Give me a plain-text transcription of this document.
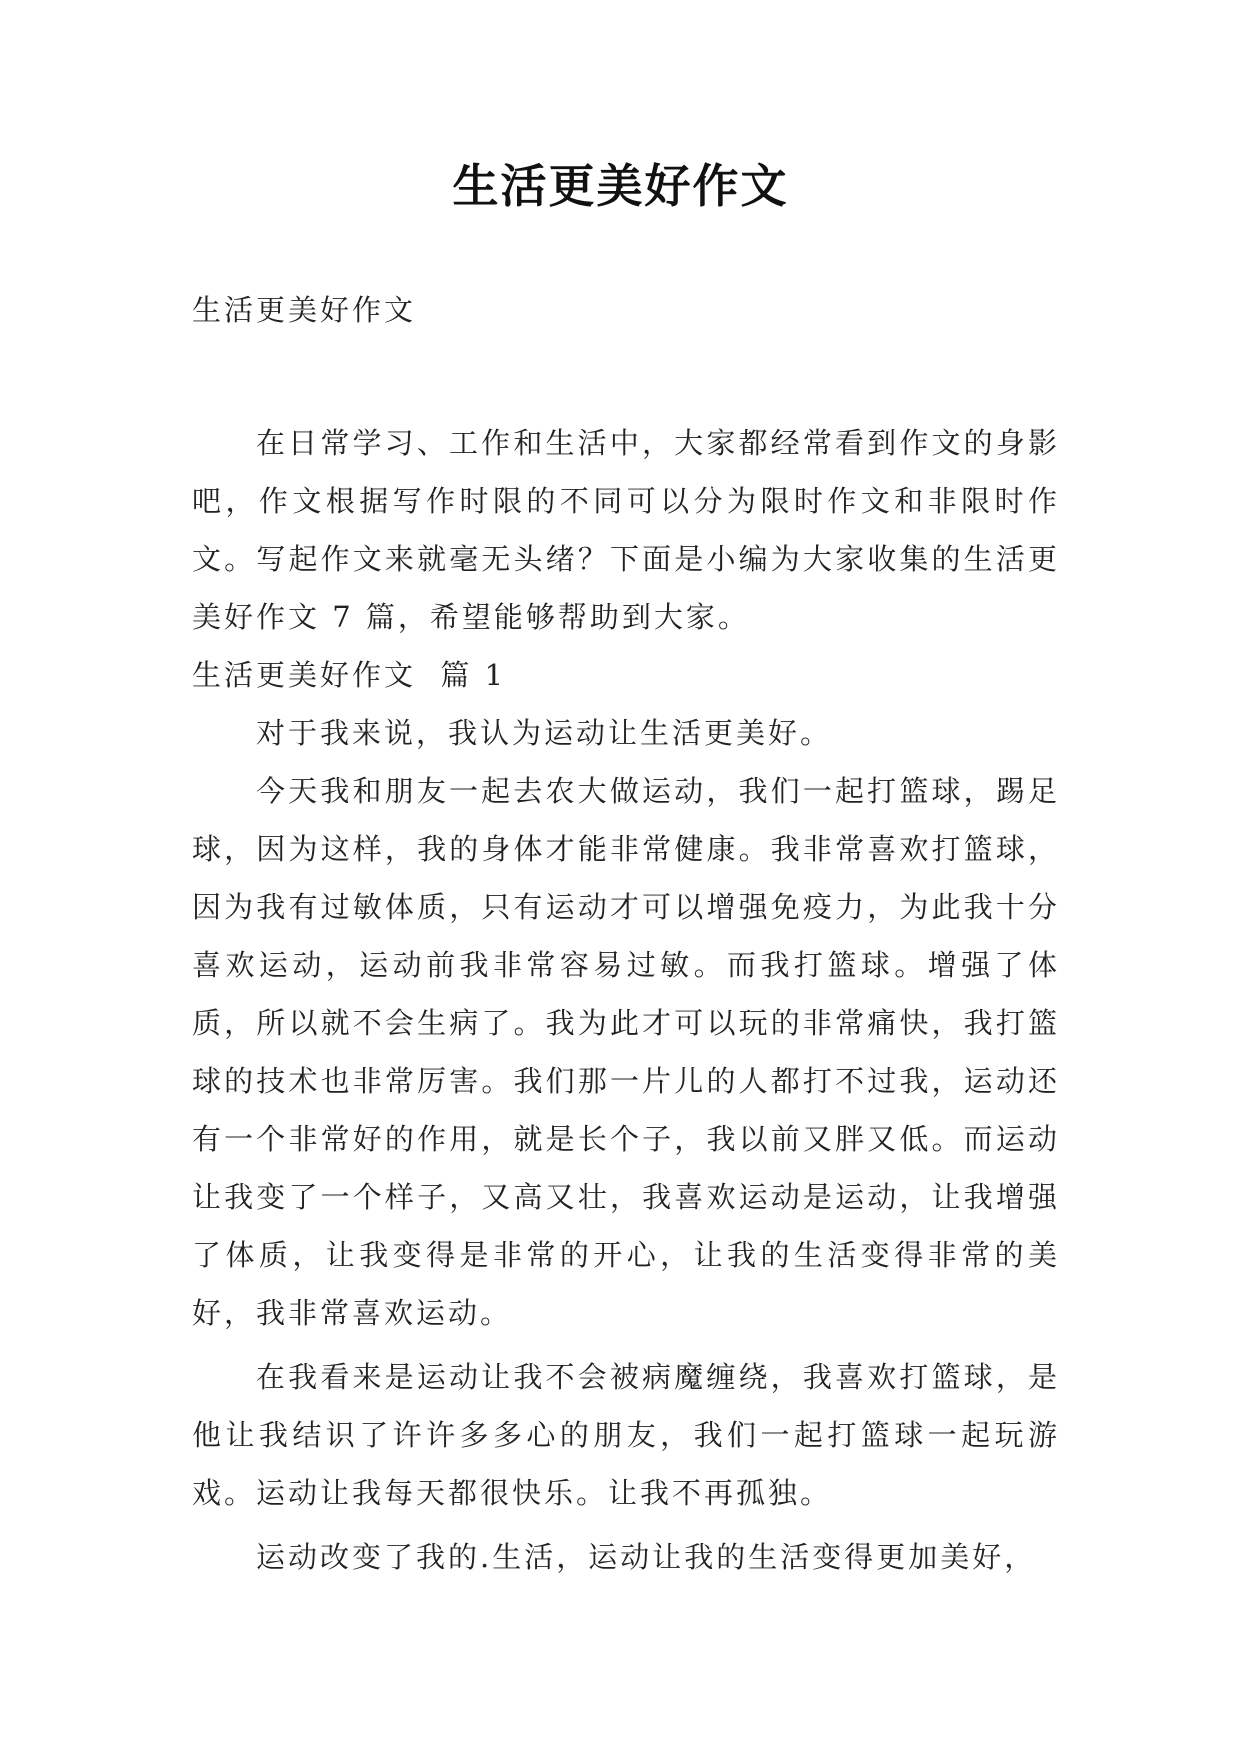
生活更美好作文

生活更美好作文

在日常学习、工作和生活中，大家都经常看到作文的身影吧，作文根据写作时限的不同可以分为限时作文和非限时作文。写起作文来就毫无头绪？下面是小编为大家收集的生活更美好作文 7 篇，希望能够帮助到大家。

生活更美好作文  篇 1

对于我来说，我认为运动让生活更美好。

今天我和朋友一起去农大做运动，我们一起打篮球，踢足球，因为这样，我的身体才能非常健康。我非常喜欢打篮球，因为我有过敏体质，只有运动才可以增强免疫力，为此我十分喜欢运动，运动前我非常容易过敏。而我打篮球。增强了体质，所以就不会生病了。我为此才可以玩的非常痛快，我打篮球的技术也非常厉害。我们那一片儿的人都打不过我，运动还有一个非常好的作用，就是长个子，我以前又胖又低。而运动让我变了一个样子，又高又壮，我喜欢运动是运动，让我增强了体质，让我变得是非常的开心，让我的生活变得非常的美好，我非常喜欢运动。

在我看来是运动让我不会被病魔缠绕，我喜欢打篮球，是他让我结识了许许多多心的朋友，我们一起打篮球一起玩游戏。运动让我每天都很快乐。让我不再孤独。

运动改变了我的.生活，运动让我的生活变得更加美好，
